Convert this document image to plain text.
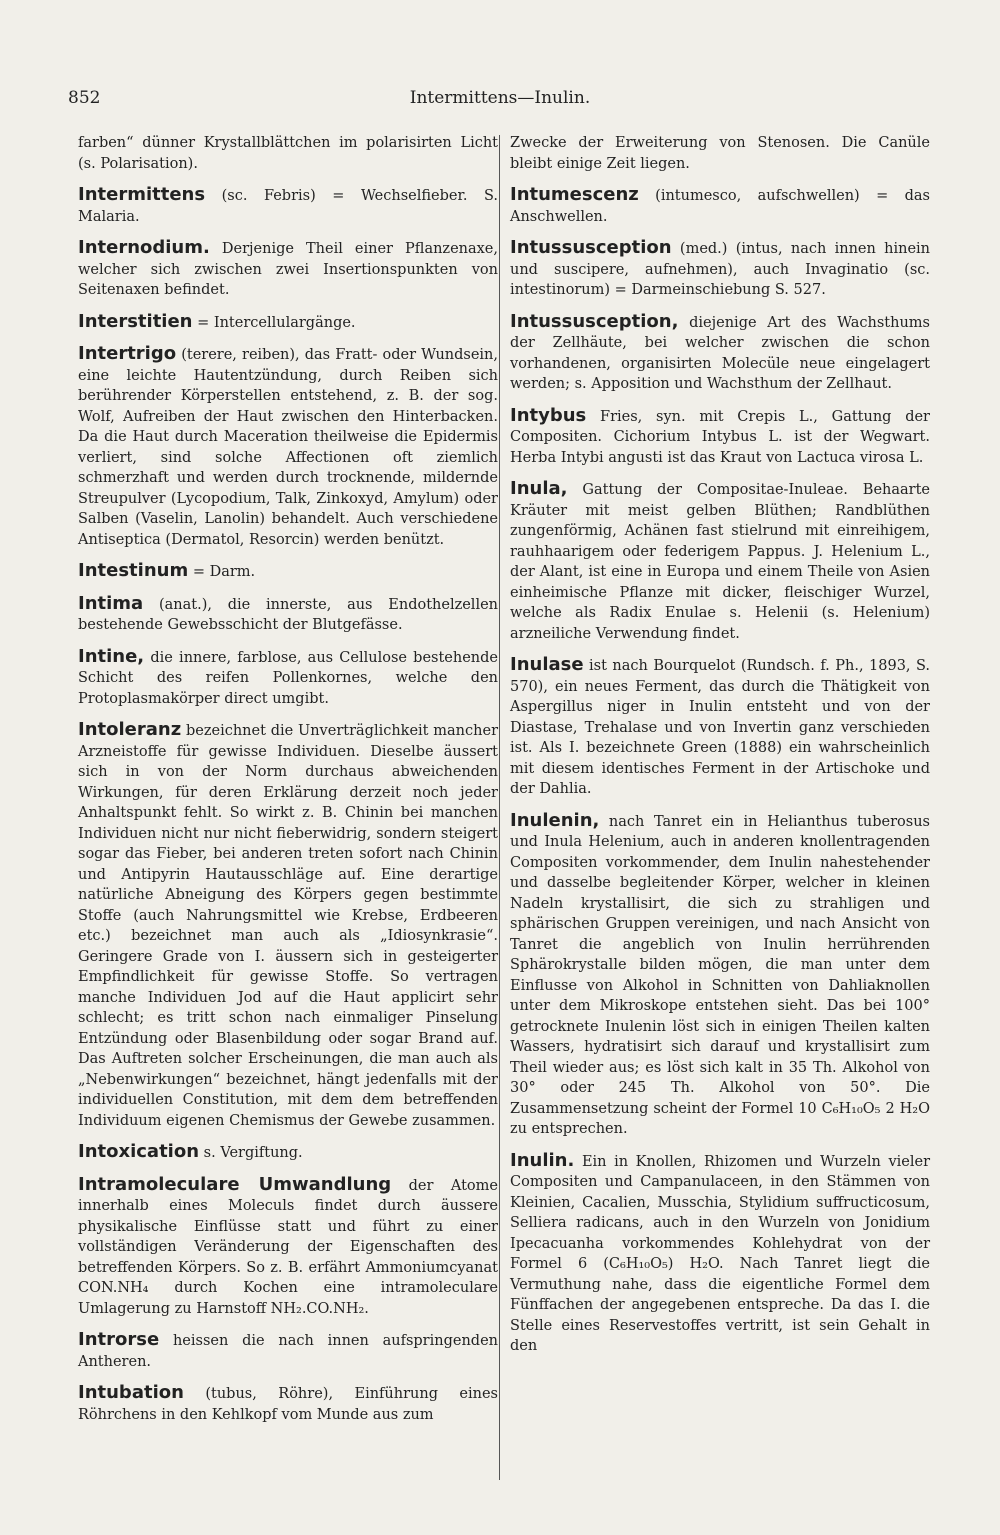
852	Intermittens—Inulin.

farben“ dünner Krystallblättchen im polarisirten Licht (s. Polarisation).

Intermittens (sc. Febris) = Wechselfieber. S. Malaria.

Internodium. Derjenige Theil einer Pflanzenaxe, welcher sich zwischen zwei Insertionspunkten von Seitenaxen befindet.

Interstitien = Intercellulargänge.

Intertrigo (terere, reiben), das Fratt- oder Wundsein, eine leichte Hautentzündung, durch Reiben sich berührender Körperstellen entstehend, z. B. der sog. Wolf, Aufreiben der Haut zwischen den Hinterbacken. Da die Haut durch Maceration theilweise die Epidermis verliert, sind solche Affectionen oft ziemlich schmerzhaft und werden durch trocknende, mildernde Streupulver (Lycopodium, Talk, Zinkoxyd, Amylum) oder Salben (Vaselin, Lanolin) behandelt. Auch verschiedene Antiseptica (Dermatol, Resorcin) werden benützt.

Intestinum = Darm.

Intima (anat.), die innerste, aus Endothelzellen bestehende Gewebsschicht der Blutgefässe.

Intine, die innere, farblose, aus Cellulose bestehende Schicht des reifen Pollenkornes, welche den Protoplasmakörper direct umgibt.

Intoleranz bezeichnet die Unverträglichkeit mancher Arzneistoffe für gewisse Individuen. Dieselbe äussert sich in von der Norm durchaus abweichenden Wirkungen, für deren Erklärung derzeit noch jeder Anhaltspunkt fehlt. So wirkt z. B. Chinin bei manchen Individuen nicht nur nicht fieberwidrig, sondern steigert sogar das Fieber, bei anderen treten sofort nach Chinin und Antipyrin Hautausschläge auf. Eine derartige natürliche Abneigung des Körpers gegen bestimmte Stoffe (auch Nahrungsmittel wie Krebse, Erdbeeren etc.) bezeichnet man auch als „Idiosynkrasie“. Geringere Grade von I. äussern sich in gesteigerter Empfindlichkeit für gewisse Stoffe. So vertragen manche Individuen Jod auf die Haut applicirt sehr schlecht; es tritt schon nach einmaliger Pinselung Entzündung oder Blasenbildung oder sogar Brand auf. Das Auftreten solcher Erscheinungen, die man auch als „Nebenwirkungen“ bezeichnet, hängt jedenfalls mit der individuellen Constitution, mit dem dem betreffenden Individuum eigenen Chemismus der Gewebe zusammen.

Intoxication s. Vergiftung.

Intramoleculare Umwandlung der Atome innerhalb eines Moleculs findet durch äussere physikalische Einflüsse statt und führt zu einer vollständigen Veränderung der Eigenschaften des betreffenden Körpers. So z. B. erfährt Ammoniumcyanat CON.NH₄ durch Kochen eine intramoleculare Umlagerung zu Harnstoff NH₂.CO.NH₂.

Introrse heissen die nach innen aufspringenden Antheren.

Intubation (tubus, Röhre), Einführung eines Röhrchens in den Kehlkopf vom Munde aus zum

Zwecke der Erweiterung von Stenosen. Die Canüle bleibt einige Zeit liegen.

Intumescenz (intumesco, aufschwellen) = das Anschwellen.

Intussusception (med.) (intus, nach innen hinein und suscipere, aufnehmen), auch Invaginatio (sc. intestinorum) = Darmeinschiebung S. 527.

Intussusception, diejenige Art des Wachsthums der Zellhäute, bei welcher zwischen die schon vorhandenen, organisirten Molecüle neue eingelagert werden; s. Apposition und Wachsthum der Zellhaut.

Intybus Fries, syn. mit Crepis L., Gattung der Compositen. Cichorium Intybus L. ist der Wegwart. Herba Intybi angusti ist das Kraut von Lactuca virosa L.

Inula, Gattung der Compositae-Inuleae. Behaarte Kräuter mit meist gelben Blüthen; Randblüthen zungenförmig, Achänen fast stielrund mit einreihigem, rauhhaarigem oder federigem Pappus. J. Helenium L., der Alant, ist eine in Europa und einem Theile von Asien einheimische Pflanze mit dicker, fleischiger Wurzel, welche als Radix Enulae s. Helenii (s. Helenium) arzneiliche Verwendung findet.

Inulase ist nach Bourquelot (Rundsch. f. Ph., 1893, S. 570), ein neues Ferment, das durch die Thätigkeit von Aspergillus niger in Inulin entsteht und von der Diastase, Trehalase und von Invertin ganz verschieden ist. Als I. bezeichnete Green (1888) ein wahrscheinlich mit diesem identisches Ferment in der Artischoke und der Dahlia.

Inulenin, nach Tanret ein in Helianthus tuberosus und Inula Helenium, auch in anderen knollentragenden Compositen vorkommender, dem Inulin nahestehender und dasselbe begleitender Körper, welcher in kleinen Nadeln krystallisirt, die sich zu strahligen und sphärischen Gruppen vereinigen, und nach Ansicht von Tanret die angeblich von Inulin herrührenden Sphärokrystalle bilden mögen, die man unter dem Einflusse von Alkohol in Schnitten von Dahliaknollen unter dem Mikroskope entstehen sieht. Das bei 100° getrocknete Inulenin löst sich in einigen Theilen kalten Wassers, hydratisirt sich darauf und krystallisirt zum Theil wieder aus; es löst sich kalt in 35 Th. Alkohol von 30° oder 245 Th. Alkohol von 50°. Die Zusammensetzung scheint der Formel 10 C₆H₁₀O₅ 2 H₂O zu entsprechen.

Inulin. Ein in Knollen, Rhizomen und Wurzeln vieler Compositen und Campanulaceen, in den Stämmen von Kleinien, Cacalien, Musschia, Stylidium suffructicosum, Selliera radicans, auch in den Wurzeln von Jonidium Ipecacuanha vorkommendes Kohlehydrat von der Formel 6 (C₆H₁₀O₅) H₂O. Nach Tanret liegt die Vermuthung nahe, dass die eigentliche Formel dem Fünffachen der angegebenen entspreche. Da das I. die Stelle eines Reservestoffes vertritt, ist sein Gehalt in den
